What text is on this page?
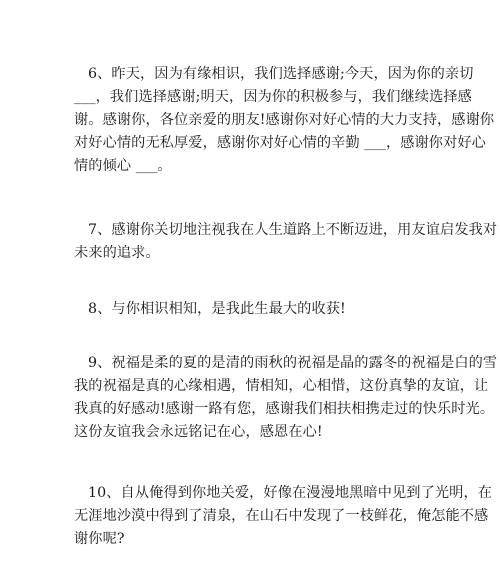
6、昨天，因为有缘相识，我们选择感谢;今天，因为你的亲切
___，我们选择感谢;明天，因为你的积极参与，我们继续选择感
谢。感谢你，各位亲爱的朋友!感谢你对好心情的大力支持，感谢你
对好心情的无私厚爱，感谢你对好心情的辛勤 ___，感谢你对好心
情的倾心 ___。

7、感谢你关切地注视我在人生道路上不断迈进，用友谊启发我对
未来的追求。

8、与你相识相知，是我此生最大的收获!

9、祝福是柔的夏的是清的雨秋的祝福是晶的露冬的祝福是白的雪
我的祝福是真的心缘相遇，情相知，心相惜，这份真挚的友谊，让
我真的好感动!感谢一路有您，感谢我们相扶相携走过的快乐时光。
这份友谊我会永远铭记在心，感恩在心!

10、自从俺得到你地关爱，好像在漫漫地黑暗中见到了光明，在
无涯地沙漠中得到了清泉，在山石中发现了一枝鲜花，俺怎能不感
谢你呢?
